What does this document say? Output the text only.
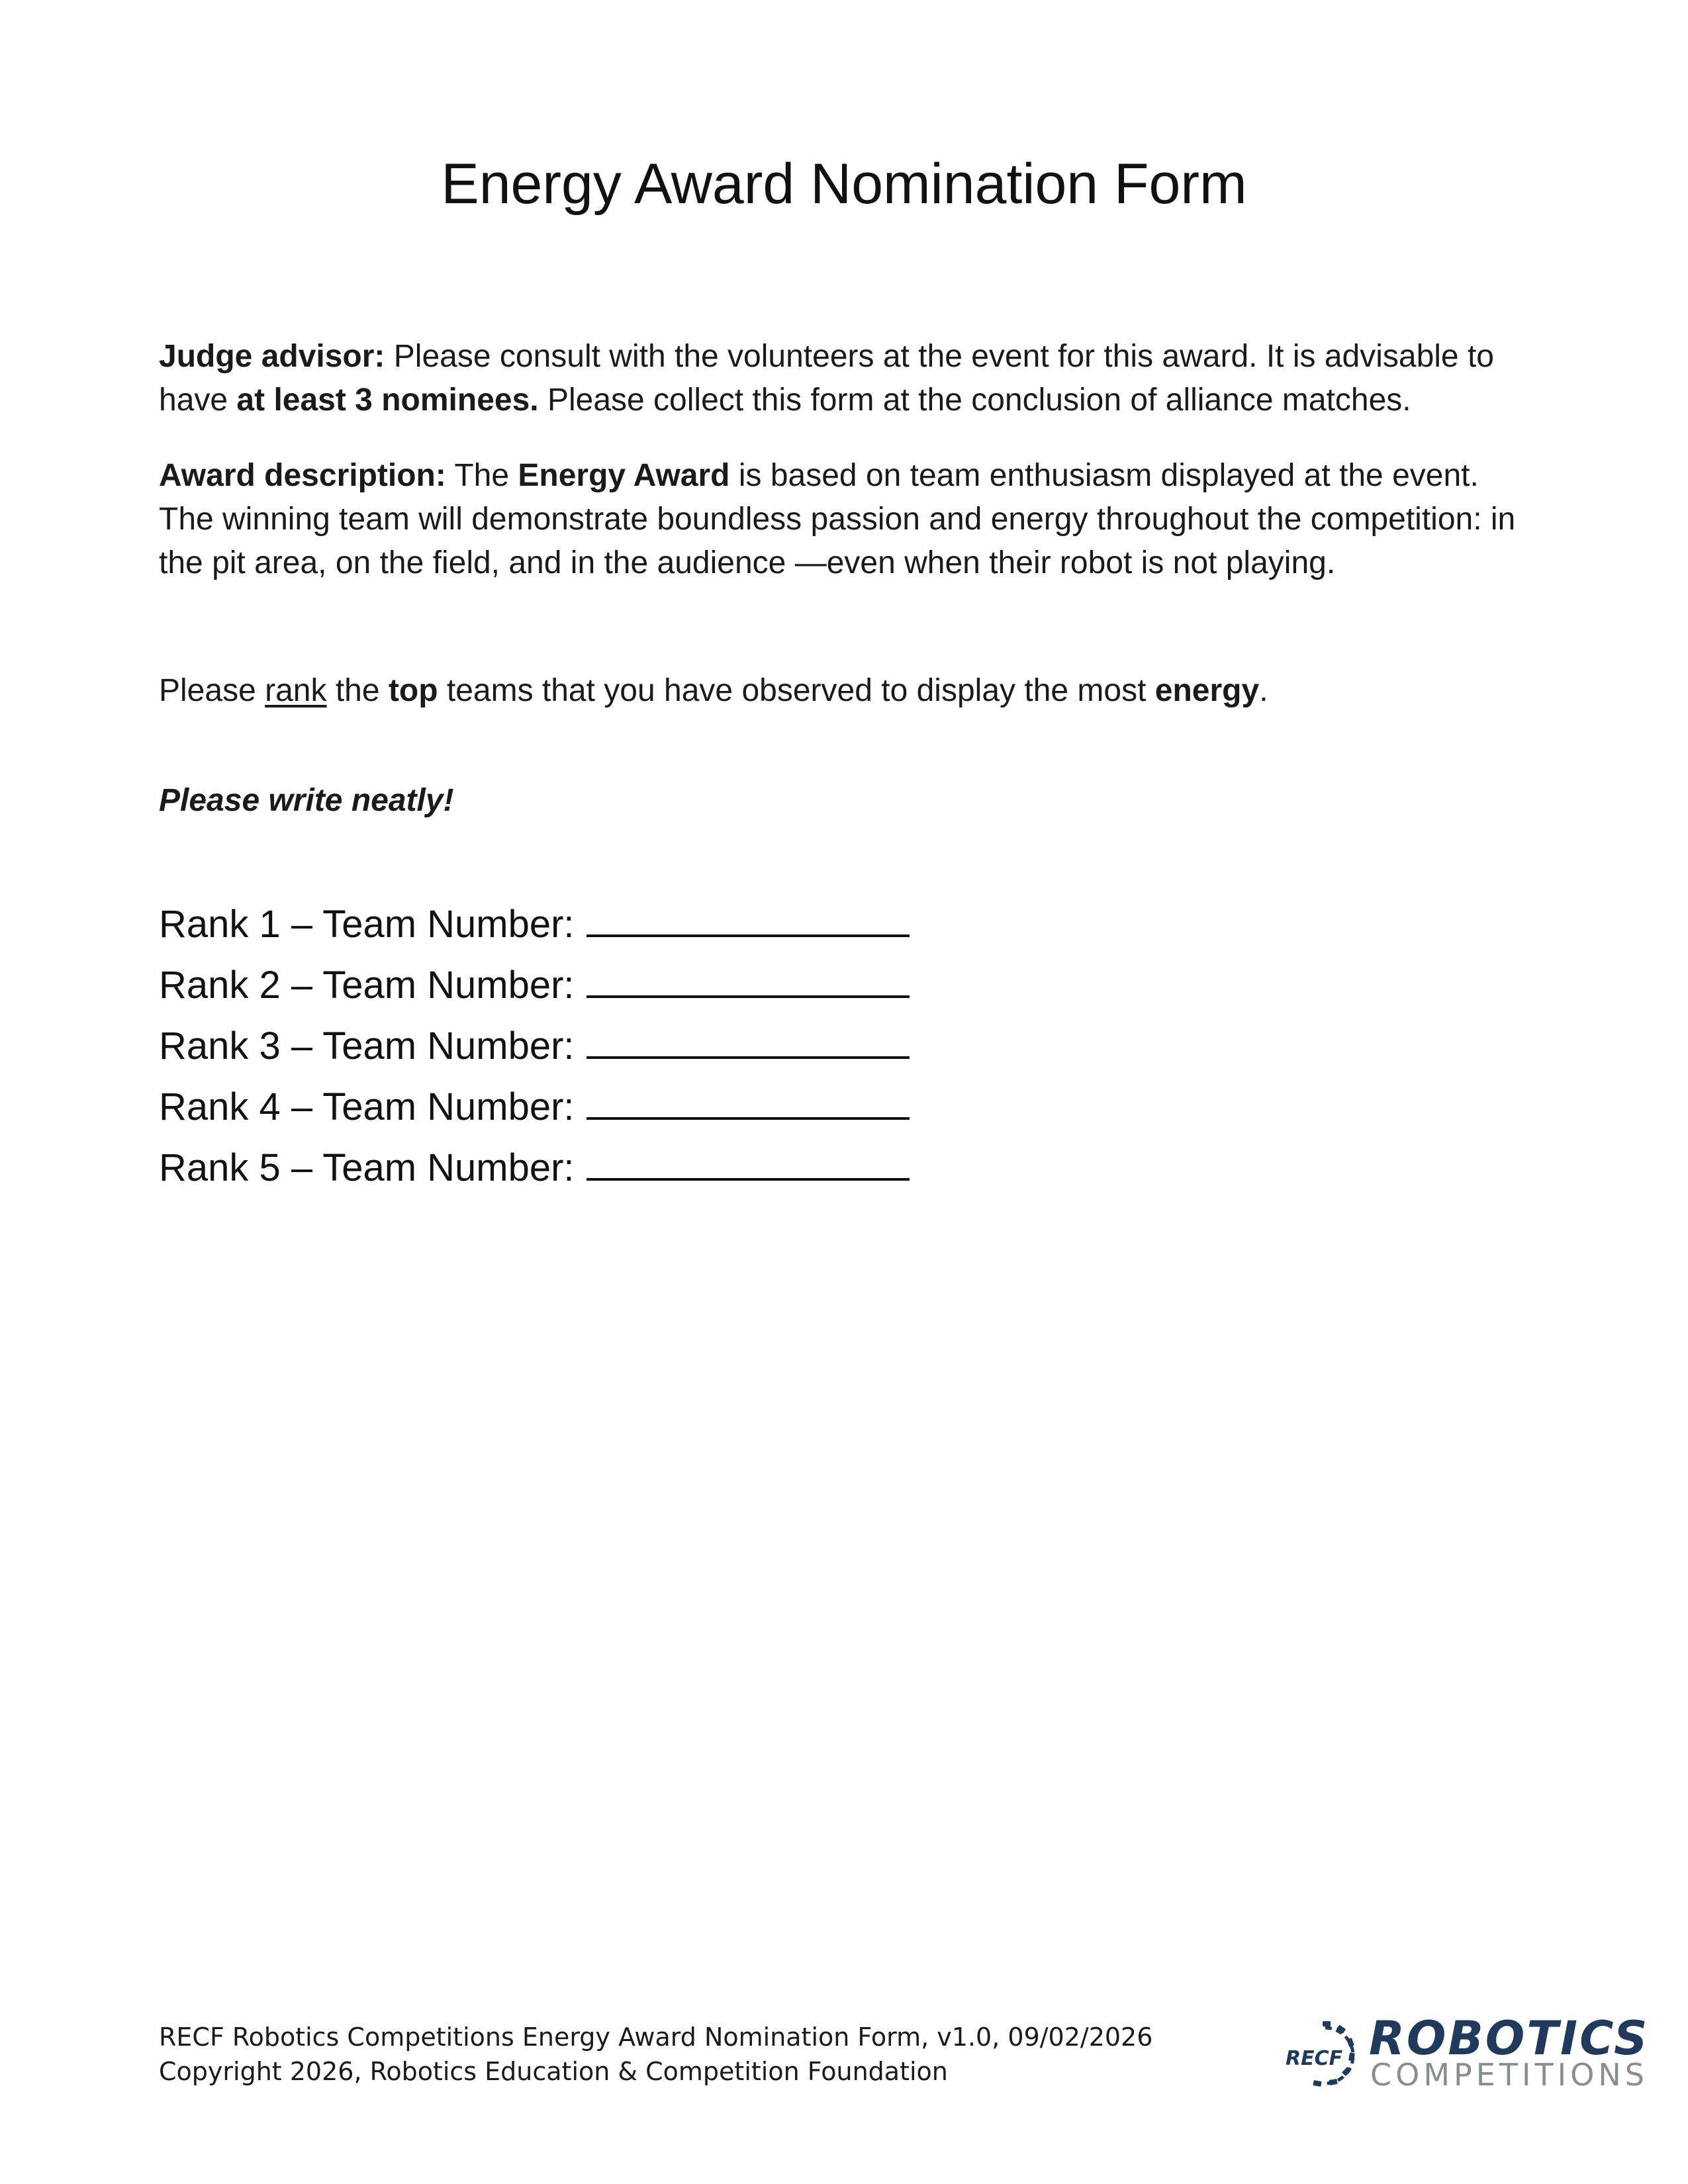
Energy Award Nomination Form
Judge advisor: Please consult with the volunteers at the event for this award. It is advisable to have at least 3 nominees. Please collect this form at the conclusion of alliance matches.
Award description: The Energy Award is based on team enthusiasm displayed at the event. The winning team will demonstrate boundless passion and energy throughout the competition: in the pit area, on the field, and in the audience —even when their robot is not playing.
Please rank the top teams that you have observed to display the most energy.
Please write neatly!
Rank 1 – Team Number:
Rank 2 – Team Number:
Rank 3 – Team Number:
Rank 4 – Team Number:
Rank 5 – Team Number:
RECF Robotics Competitions Energy Award Nomination Form, v1.0, 09/02/2026
Copyright 2026, Robotics Education & Competition Foundation	RECF ROBOTICS
COMPETITIONS
